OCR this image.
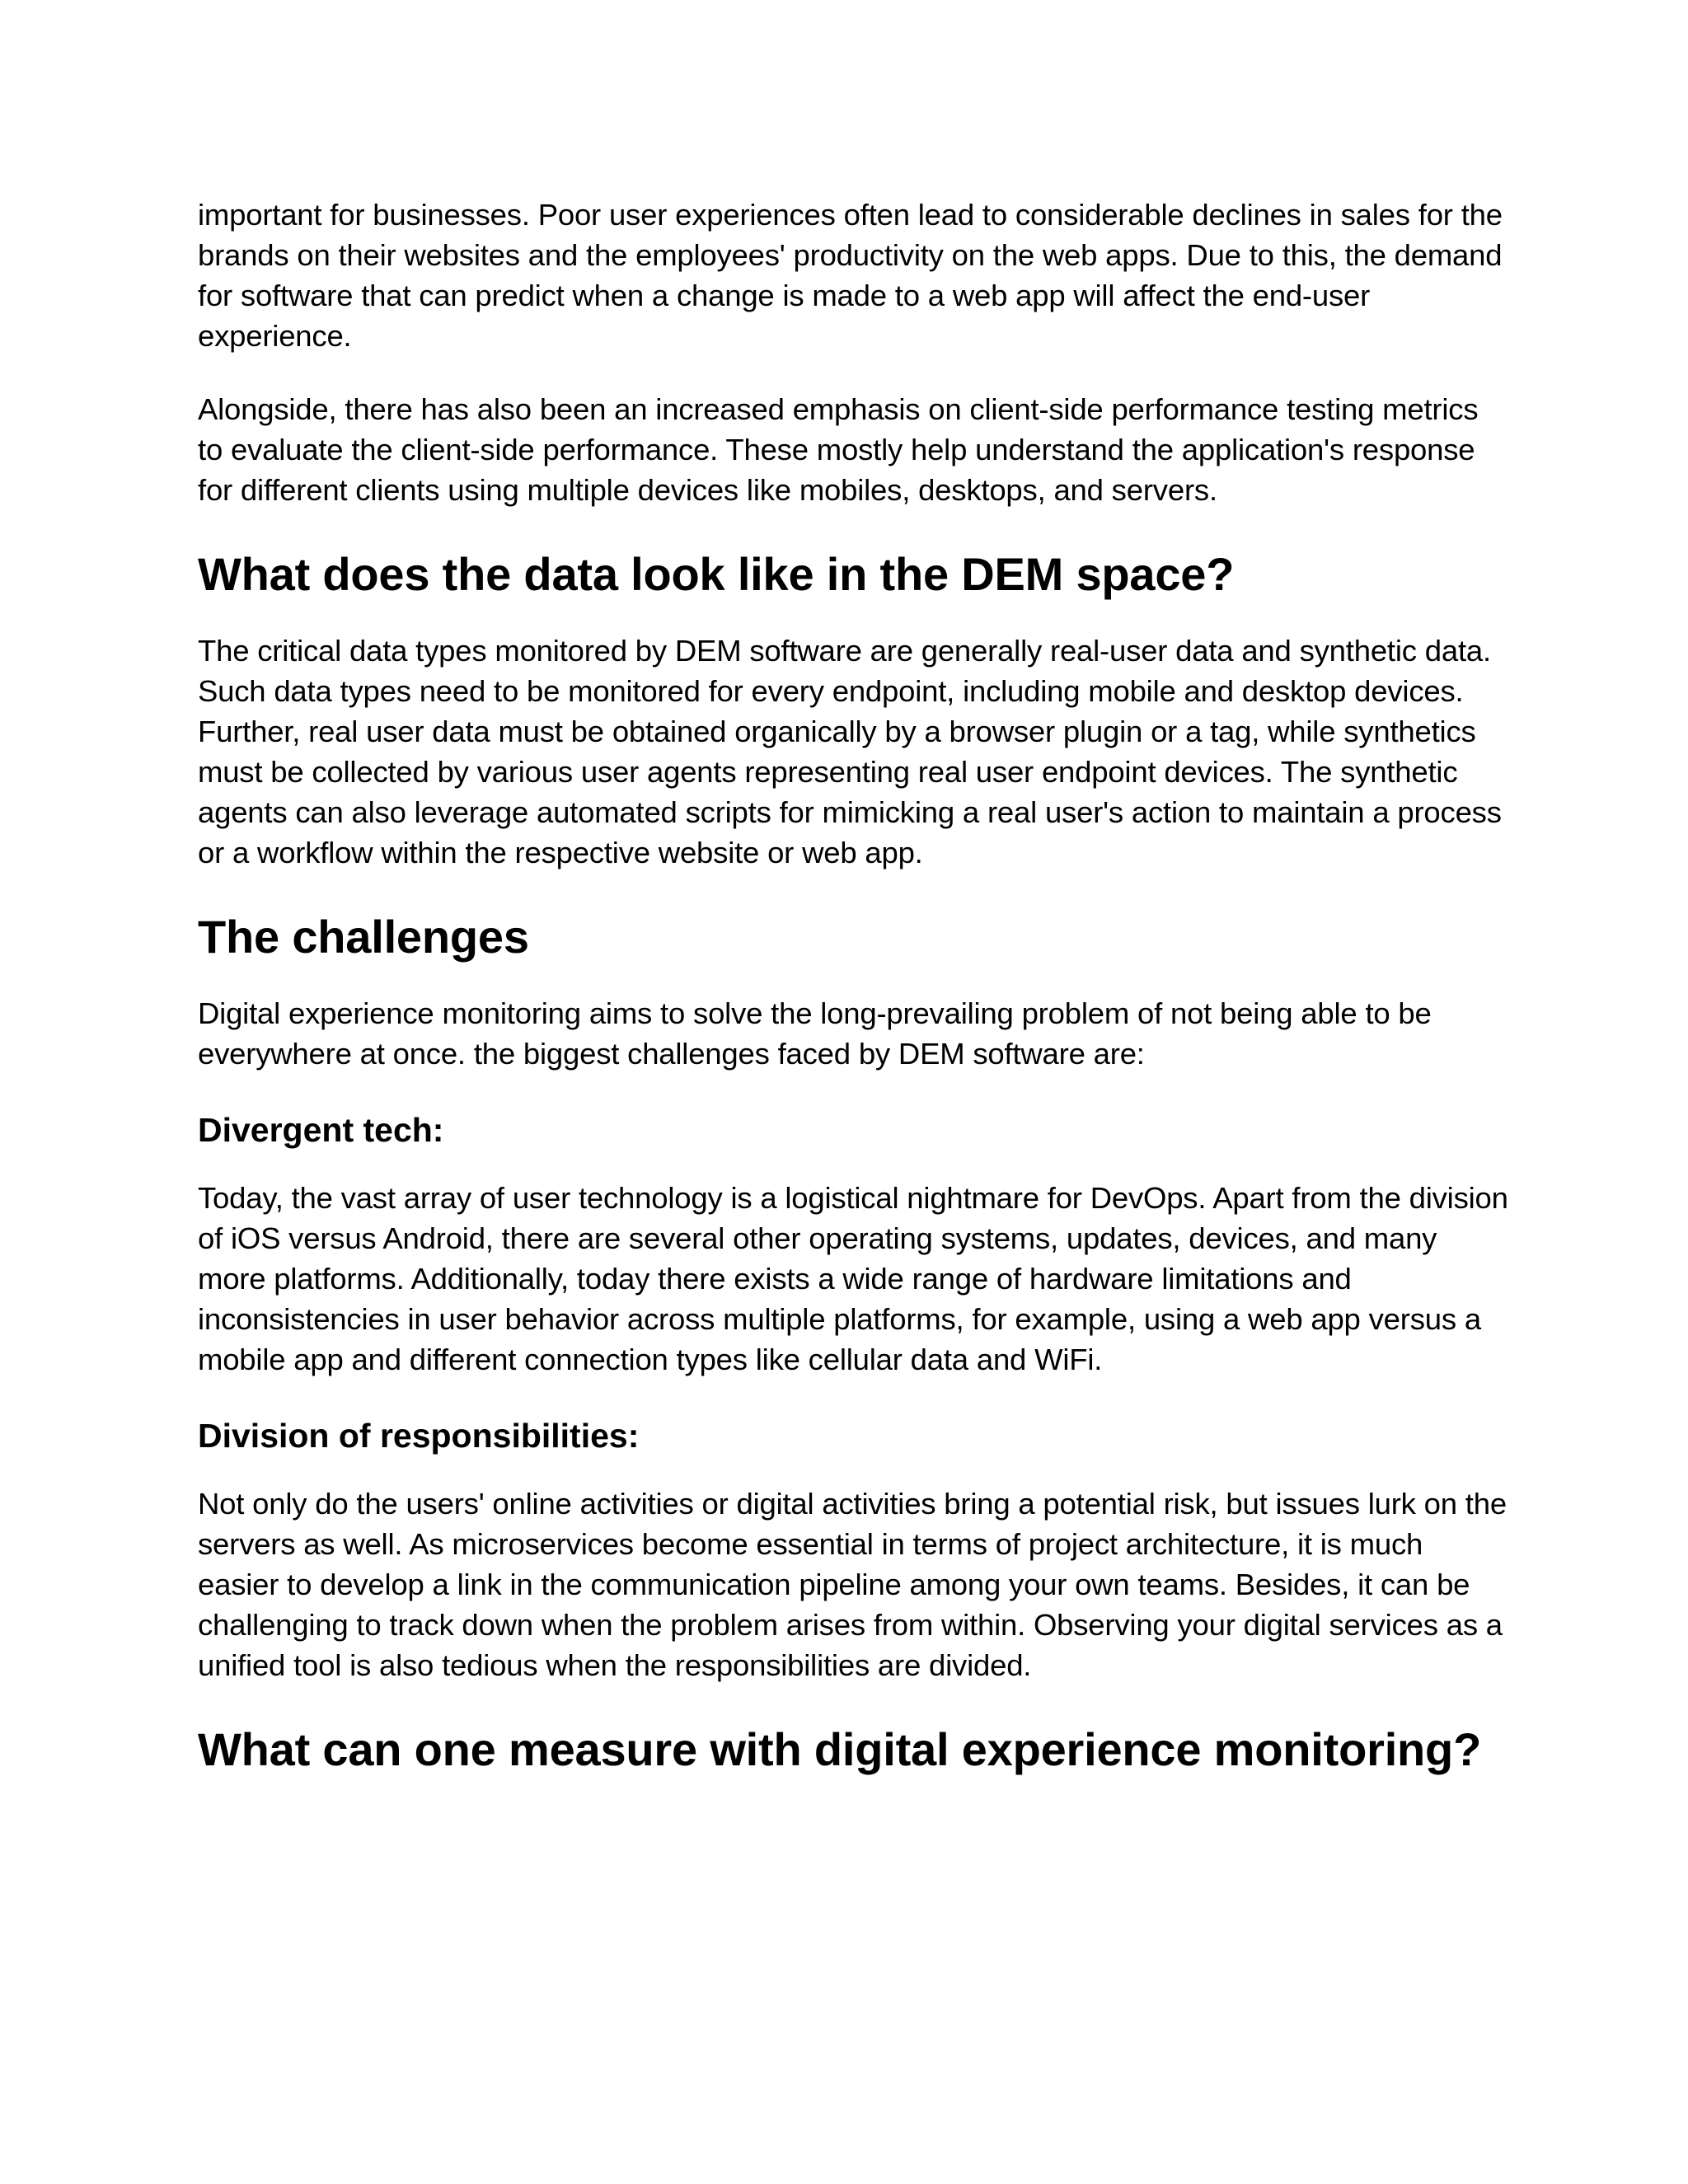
important for businesses. Poor user experiences often lead to considerable declines in sales for the brands on their websites and the employees' productivity on the web apps. Due to this, the demand for software that can predict when a change is made to a web app will affect the end-user experience.

Alongside, there has also been an increased emphasis on client-side performance testing metrics to evaluate the client-side performance. These mostly help understand the application's response for different clients using multiple devices like mobiles, desktops, and servers.

What does the data look like in the DEM space?

The critical data types monitored by DEM software are generally real-user data and synthetic data. Such data types need to be monitored for every endpoint, including mobile and desktop devices. Further, real user data must be obtained organically by a browser plugin or a tag, while synthetics must be collected by various user agents representing real user endpoint devices. The synthetic agents can also leverage automated scripts for mimicking a real user's action to maintain a process or a workflow within the respective website or web app.

The challenges

Digital experience monitoring aims to solve the long-prevailing problem of not being able to be everywhere at once. the biggest challenges faced by DEM software are:

Divergent tech:

Today, the vast array of user technology is a logistical nightmare for DevOps. Apart from the division of iOS versus Android, there are several other operating systems, updates, devices, and many more platforms. Additionally, today there exists a wide range of hardware limitations and inconsistencies in user behavior across multiple platforms, for example, using a web app versus a mobile app and different connection types like cellular data and WiFi.

Division of responsibilities:

Not only do the users' online activities or digital activities bring a potential risk, but issues lurk on the servers as well. As microservices become essential in terms of project architecture, it is much easier to develop a link in the communication pipeline among your own teams. Besides, it can be challenging to track down when the problem arises from within. Observing your digital services as a unified tool is also tedious when the responsibilities are divided.

What can one measure with digital experience monitoring?
